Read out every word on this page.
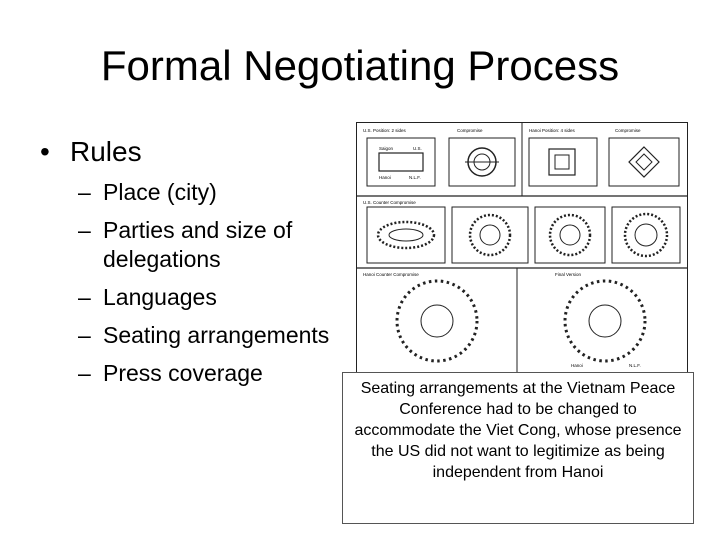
Formal Negotiating Process
• Rules
– Place (city)
– Parties and size of delegations
– Languages
– Seating arrangements
– Press coverage
U.S. Position: 2 sides	Compromise	Hanoi Position: 4 sides	Compromise
U.S. Counter Compromise
Hanoi Counter Compromise	Final Version
Saigon	U.S.
Hanoi	N.L.F.
Hanoi	N.L.F.
Seating arrangements at the Vietnam Peace Conference had to be changed to accommodate the Viet Cong, whose presence the US did not want to legitimize as being independent from Hanoi
